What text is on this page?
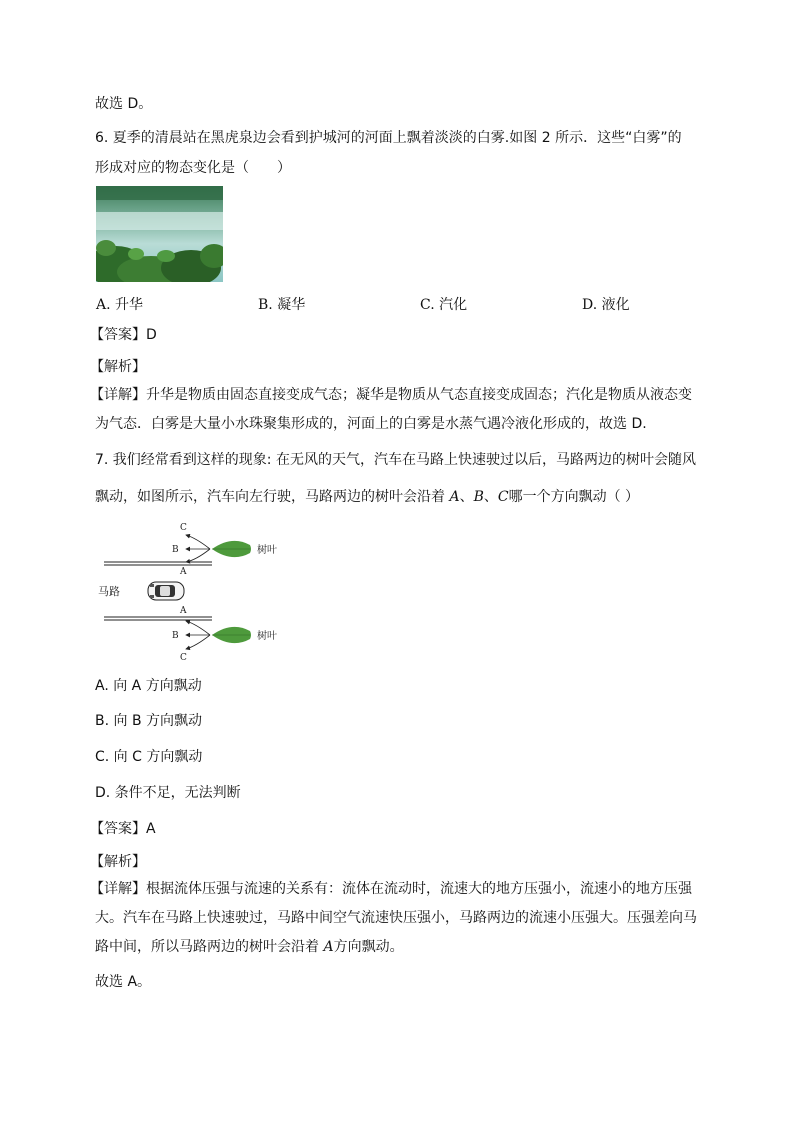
故选 D。
6. 夏季的清晨站在黑虎泉边会看到护城河的河面上飘着淡淡的白雾.如图 2 所示．这些“白雾”的
形成对应的物态变化是（　　）
A. 升华	B. 凝华	C. 汽化	D. 液化
【答案】D
【解析】
【详解】升华是物质由固态直接变成气态；凝华是物质从气态直接变成固态；汽化是物质从液态变
为气态．白雾是大量小水珠聚集形成的，河面上的白雾是水蒸气遇冷液化形成的，故选 D.
7. 我们经常看到这样的现象: 在无风的天气，汽车在马路上快速驶过以后，马路两边的树叶会随风
飘动，如图所示，汽车向左行驶，马路两边的树叶会沿着 A、B、C哪一个方向飘动（ ）
C
B
A
树叶
马路
A
B
C
树叶
A. 向 A 方向飘动
B. 向 B 方向飘动
C. 向 C 方向飘动
D. 条件不足，无法判断
【答案】A
【解析】
【详解】根据流体压强与流速的关系有：流体在流动时，流速大的地方压强小，流速小的地方压强
大。汽车在马路上快速驶过，马路中间空气流速快压强小，马路两边的流速小压强大。压强差向马
路中间，所以马路两边的树叶会沿着 A方向飘动。
故选 A。
